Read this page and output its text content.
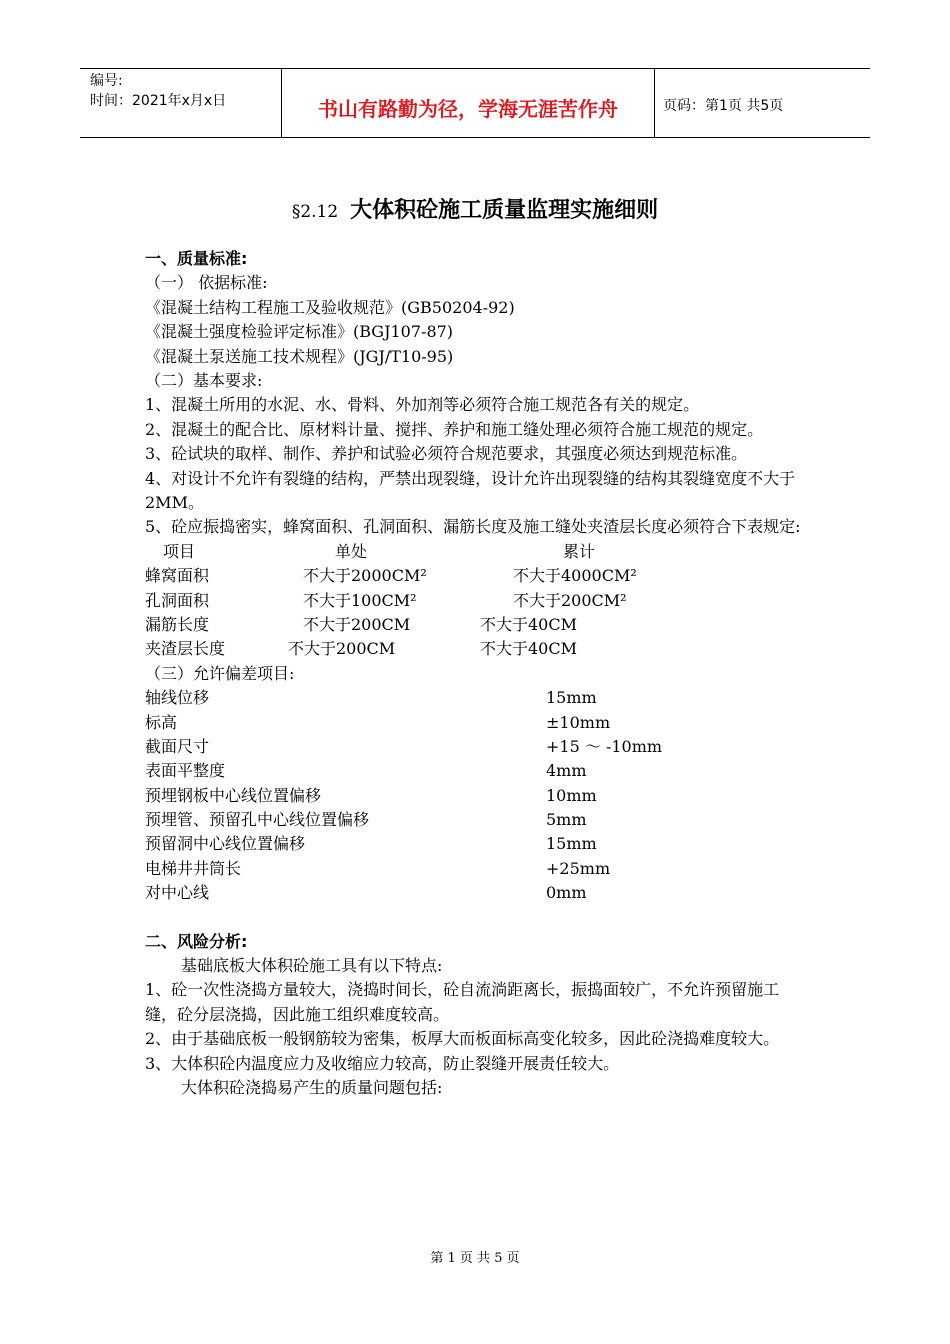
编号:
时间：2021年x月x日	书山有路勤为径，学海无涯苦作舟	页码：第1页 共5页
§2.12 大体积砼施工质量监理实施细则
一、质量标准:
（一） 依据标准:
《混凝土结构工程施工及验收规范》(GB50204-92)
《混凝土强度检验评定标准》(BGJ107-87)
《混凝土泵送施工技术规程》(JGJ/T10-95)
（二）基本要求:
1、混凝土所用的水泥、水、骨料、外加剂等必须符合施工规范各有关的规定。
2、混凝土的配合比、原材料计量、搅拌、养护和施工缝处理必须符合施工规范的规定。
3、砼试块的取样、制作、养护和试验必须符合规范要求，其强度必须达到规范标准。
4、对设计不允许有裂缝的结构，严禁出现裂缝，设计允许出现裂缝的结构其裂缝宽度不大于2MM。
5、砼应振捣密实，蜂窝面积、孔洞面积、漏筋长度及施工缝处夹渣层长度必须符合下表规定:
项目	单处	累计
蜂窝面积	不大于2000CM²	不大于4000CM²
孔洞面积	不大于100CM²	不大于200CM²
漏筋长度	不大于200CM	不大于40CM
夹渣层长度	不大于200CM	不大于40CM
（三）允许偏差项目:
轴线位移	15mm
标高	±10mm
截面尺寸	+15 ～ -10mm
表面平整度	4mm
预埋钢板中心线位置偏移	10mm
预埋管、预留孔中心线位置偏移	5mm
预留洞中心线位置偏移	15mm
电梯井井筒长	+25mm
对中心线	0mm
二、风险分析:
基础底板大体积砼施工具有以下特点:
1、砼一次性浇捣方量较大，浇捣时间长，砼自流淌距离长，振捣面较广，不允许预留施工缝，砼分层浇捣，因此施工组织难度较高。
2、由于基础底板一般钢筋较为密集，板厚大而板面标高变化较多，因此砼浇捣难度较大。
3、大体积砼内温度应力及收缩应力较高，防止裂缝开展责任较大。
大体积砼浇捣易产生的质量问题包括:
第 1 页 共 5 页
